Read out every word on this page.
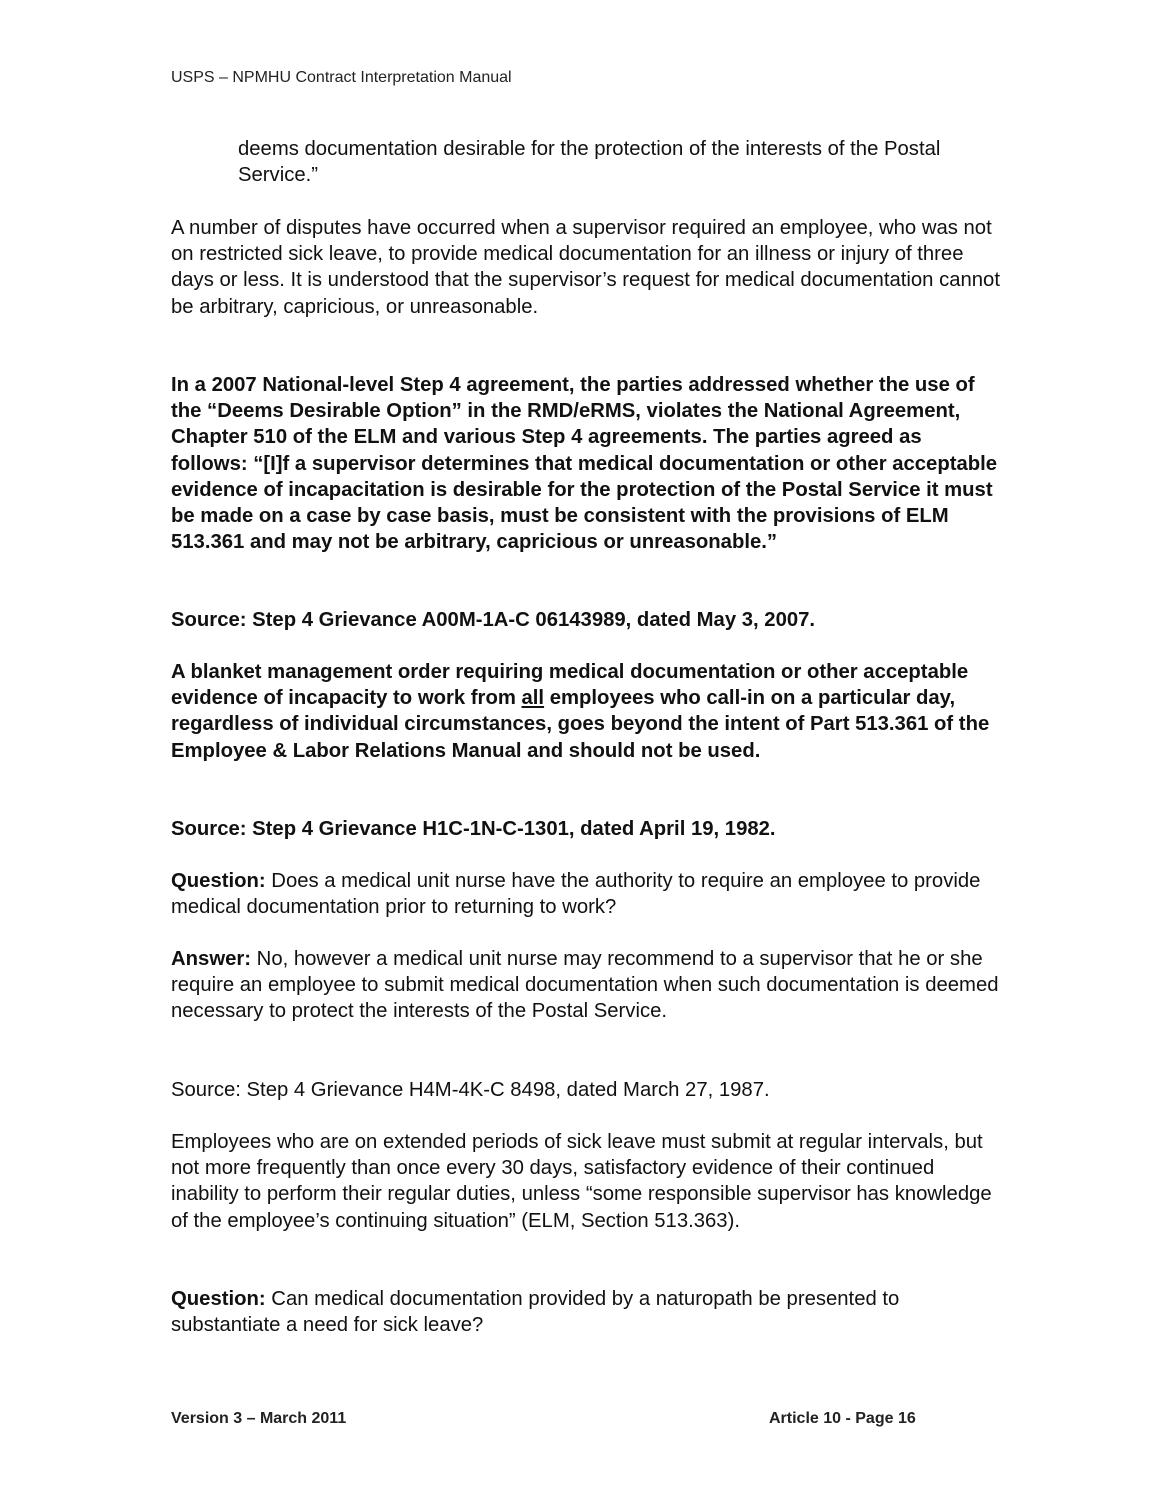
USPS – NPMHU Contract Interpretation Manual

deems documentation desirable for the protection of the interests of the Postal Service.”

A number of disputes have occurred when a supervisor required an employee, who was not on restricted sick leave, to provide medical documentation for an illness or injury of three days or less. It is understood that the supervisor’s request for medical documentation cannot be arbitrary, capricious, or unreasonable.

In a 2007 National-level Step 4 agreement, the parties addressed whether the use of the “Deems Desirable Option” in the RMD/eRMS, violates the National Agreement, Chapter 510 of the ELM and various Step 4 agreements. The parties agreed as follows: “[I]f a supervisor determines that medical documentation or other acceptable evidence of incapacitation is desirable for the protection of the Postal Service it must be made on a case by case basis, must be consistent with the provisions of ELM 513.361 and may not be arbitrary, capricious or unreasonable.”

Source: Step 4 Grievance A00M-1A-C 06143989, dated May 3, 2007.

A blanket management order requiring medical documentation or other acceptable evidence of incapacity to work from all employees who call-in on a particular day, regardless of individual circumstances, goes beyond the intent of Part 513.361 of the Employee & Labor Relations Manual and should not be used.

Source: Step 4 Grievance H1C-1N-C-1301, dated April 19, 1982.

Question: Does a medical unit nurse have the authority to require an employee to provide medical documentation prior to returning to work?

Answer: No, however a medical unit nurse may recommend to a supervisor that he or she require an employee to submit medical documentation when such documentation is deemed necessary to protect the interests of the Postal Service.

Source: Step 4 Grievance H4M-4K-C 8498, dated March 27, 1987.

Employees who are on extended periods of sick leave must submit at regular intervals, but not more frequently than once every 30 days, satisfactory evidence of their continued inability to perform their regular duties, unless “some responsible supervisor has knowledge of the employee’s continuing situation” (ELM, Section 513.363).

Question: Can medical documentation provided by a naturopath be presented to substantiate a need for sick leave?

Version 3 – March 2011	Article 10 - Page 16
